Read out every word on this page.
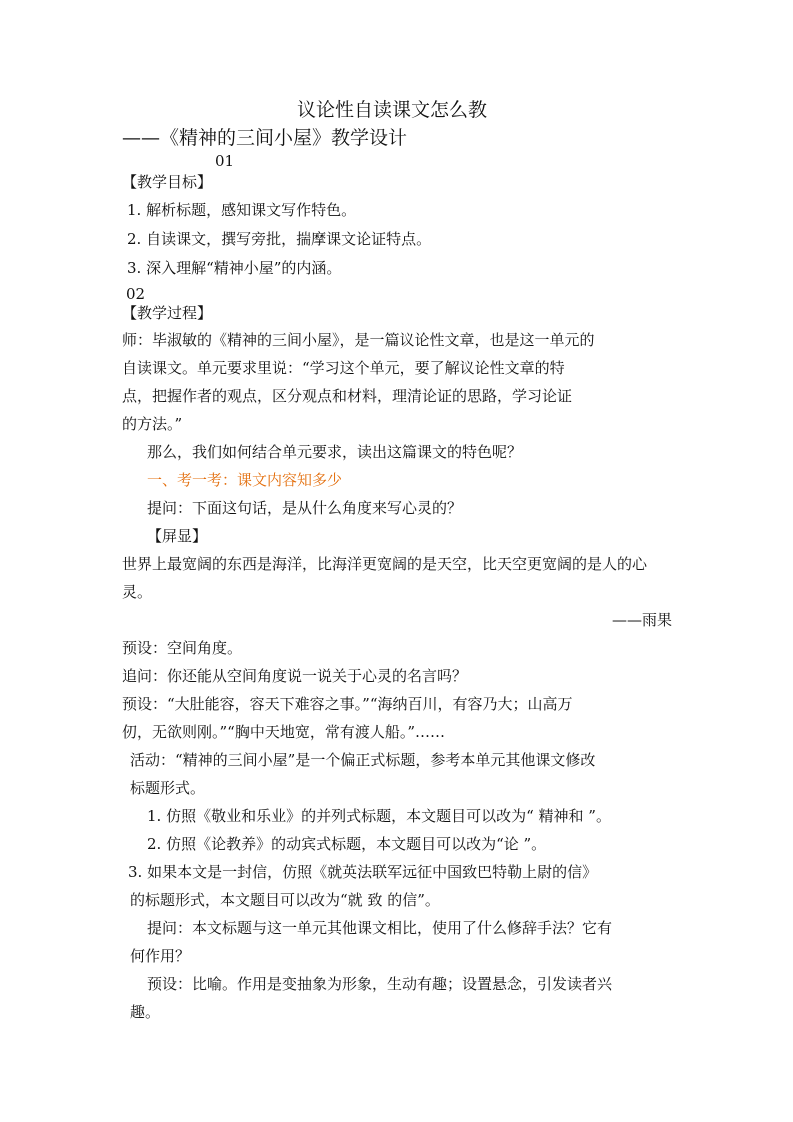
议论性自读课文怎么教
——《精神的三间小屋》教学设计
01
【教学目标】
1. 解析标题，感知课文写作特色。
2. 自读课文，撰写旁批，揣摩课文论证特点。
3. 深入理解“精神小屋”的内涵。
02
【教学过程】
师：毕淑敏的《精神的三间小屋》，是一篇议论性文章，也是这一单元的
自读课文。单元要求里说：“学习这个单元，要了解议论性文章的特
点，把握作者的观点，区分观点和材料，理清论证的思路，学习论证
的方法。”
那么，我们如何结合单元要求，读出这篇课文的特色呢？
一、考一考：课文内容知多少
提问：下面这句话，是从什么角度来写心灵的？
【屏显】
世界上最宽阔的东西是海洋，比海洋更宽阔的是天空，比天空更宽阔的是人的心
灵。
——雨果
预设：空间角度。
追问：你还能从空间角度说一说关于心灵的名言吗？
预设：“大肚能容，容天下难容之事。”“海纳百川，有容乃大；山高万
仞，无欲则刚。”“胸中天地宽，常有渡人船。”……
活动：“精神的三间小屋”是一个偏正式标题，参考本单元其他课文修改
标题形式。
1. 仿照《敬业和乐业》的并列式标题，本文题目可以改为“ 精神和 ”。
2. 仿照《论教养》的动宾式标题，本文题目可以改为“论 ”。
3. 如果本文是一封信，仿照《就英法联军远征中国致巴特勒上尉的信》
的标题形式，本文题目可以改为“就 致 的信”。
提问：本文标题与这一单元其他课文相比，使用了什么修辞手法？它有
何作用？
预设：比喻。作用是变抽象为形象，生动有趣；设置悬念，引发读者兴
趣。
